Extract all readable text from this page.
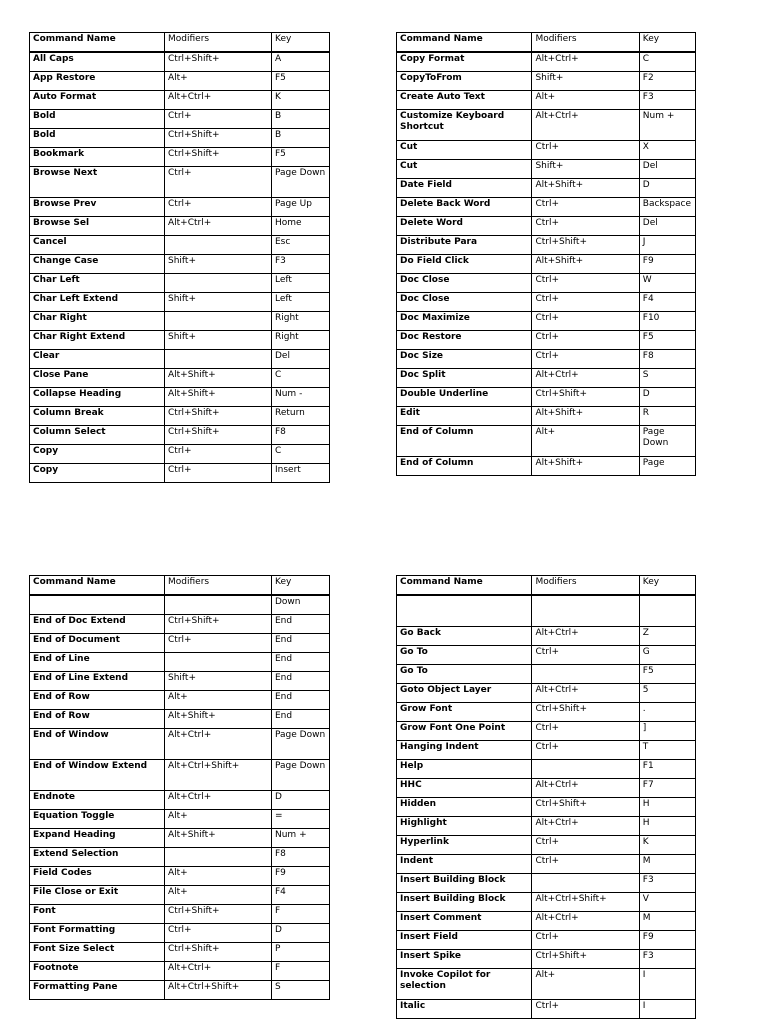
Command Name	Modifiers	Key
All Caps	Ctrl+Shift+	A
App Restore	Alt+	F5
Auto Format	Alt+Ctrl+	K
Bold	Ctrl+	B
Bold	Ctrl+Shift+	B
Bookmark	Ctrl+Shift+	F5
Browse Next	Ctrl+	Page Down
Browse Prev	Ctrl+	Page Up
Browse Sel	Alt+Ctrl+	Home
Cancel		Esc
Change Case	Shift+	F3
Char Left		Left
Char Left Extend	Shift+	Left
Char Right		Right
Char Right Extend	Shift+	Right
Clear		Del
Close Pane	Alt+Shift+	C
Collapse Heading	Alt+Shift+	Num -
Column Break	Ctrl+Shift+	Return
Column Select	Ctrl+Shift+	F8
Copy	Ctrl+	C
Copy	Ctrl+	Insert
Command Name	Modifiers	Key
Copy Format	Alt+Ctrl+	C
CopyToFrom	Shift+	F2
Create Auto Text	Alt+	F3
Customize Keyboard Shortcut	Alt+Ctrl+	Num +
Cut	Ctrl+	X
Cut	Shift+	Del
Date Field	Alt+Shift+	D
Delete Back Word	Ctrl+	Backspace
Delete Word	Ctrl+	Del
Distribute Para	Ctrl+Shift+	J
Do Field Click	Alt+Shift+	F9
Doc Close	Ctrl+	W
Doc Close	Ctrl+	F4
Doc Maximize	Ctrl+	F10
Doc Restore	Ctrl+	F5
Doc Size	Ctrl+	F8
Doc Split	Alt+Ctrl+	S
Double Underline	Ctrl+Shift+	D
Edit	Alt+Shift+	R
End of Column	Alt+	Page Down
End of Column	Alt+Shift+	Page
Command Name	Modifiers	Key
		Down
End of Doc Extend	Ctrl+Shift+	End
End of Document	Ctrl+	End
End of Line		End
End of Line Extend	Shift+	End
End of Row	Alt+	End
End of Row	Alt+Shift+	End
End of Window	Alt+Ctrl+	Page Down
End of Window Extend	Alt+Ctrl+Shift+	Page Down
Endnote	Alt+Ctrl+	D
Equation Toggle	Alt+	=
Expand Heading	Alt+Shift+	Num +
Extend Selection		F8
Field Codes	Alt+	F9
File Close or Exit	Alt+	F4
Font	Ctrl+Shift+	F
Font Formatting	Ctrl+	D
Font Size Select	Ctrl+Shift+	P
Footnote	Alt+Ctrl+	F
Formatting Pane	Alt+Ctrl+Shift+	S
Command Name	Modifiers	Key

Go Back	Alt+Ctrl+	Z
Go To	Ctrl+	G
Go To		F5
Goto Object Layer	Alt+Ctrl+	5
Grow Font	Ctrl+Shift+	.
Grow Font One Point	Ctrl+	]
Hanging Indent	Ctrl+	T
Help		F1
HHC	Alt+Ctrl+	F7
Hidden	Ctrl+Shift+	H
Highlight	Alt+Ctrl+	H
Hyperlink	Ctrl+	K
Indent	Ctrl+	M
Insert Building Block		F3
Insert Building Block	Alt+Ctrl+Shift+	V
Insert Comment	Alt+Ctrl+	M
Insert Field	Ctrl+	F9
Insert Spike	Ctrl+Shift+	F3
Invoke Copilot for selection	Alt+	I
Italic	Ctrl+	I
